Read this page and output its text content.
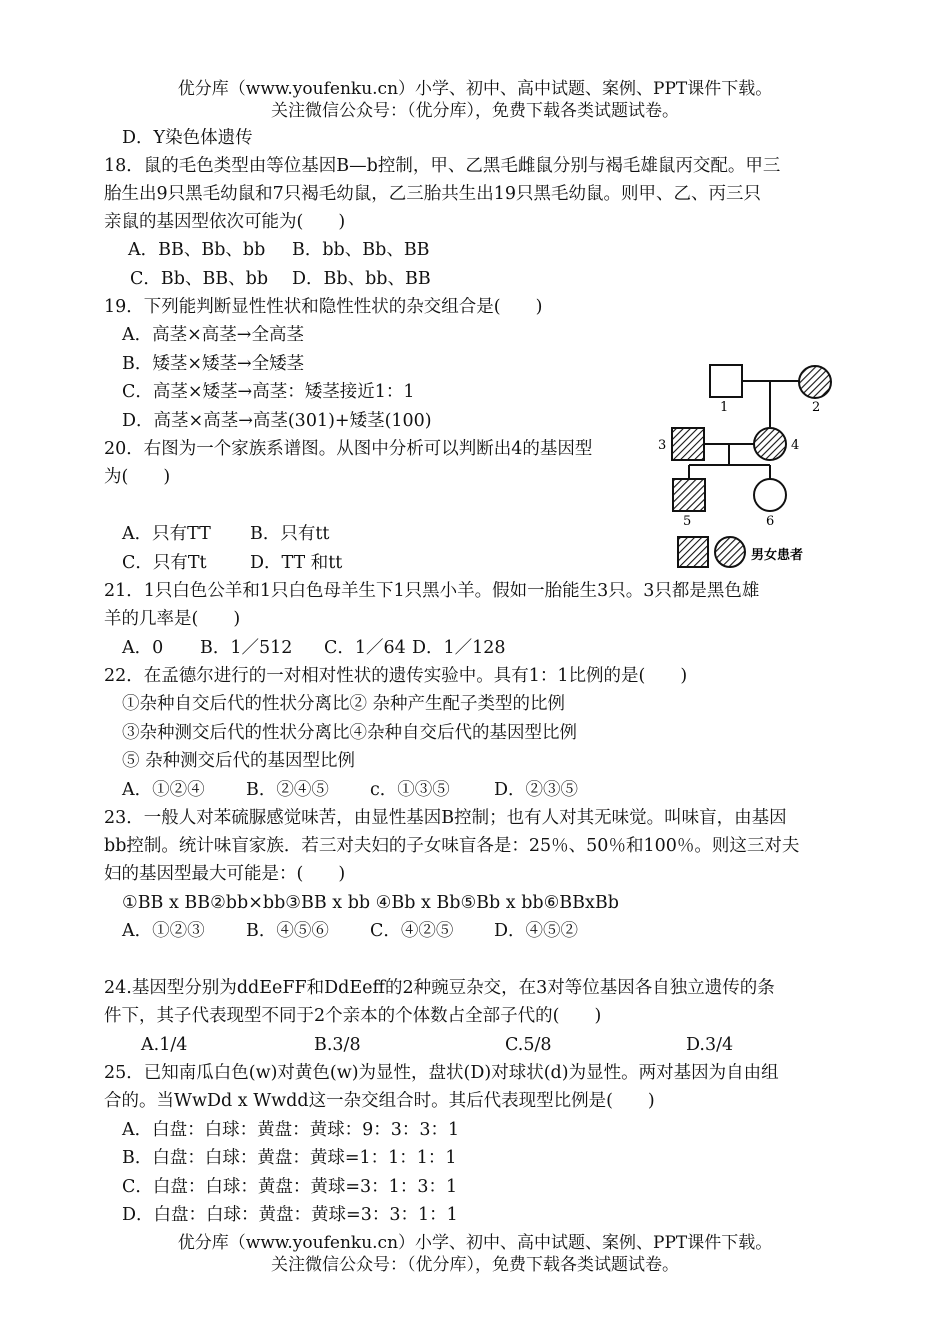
优分库（www.youfenku.cn）小学、初中、高中试题、案例、PPT课件下载。
关注微信公众号：（优分库），免费下载各类试题试卷。
D．Y染色体遗传
18．鼠的毛色类型由等位基因B—b控制，甲、乙黑毛雌鼠分别与褐毛雄鼠丙交配。甲三
胎生出9只黑毛幼鼠和7只褐毛幼鼠，乙三胎共生出19只黑毛幼鼠。则甲、乙、丙三只
亲鼠的基因型依次可能为(　　)
A．BB、Bb、bb B．bb、Bb、BB
C．Bb、BB、bb D．Bb、bb、BB
19．下列能判断显性性状和隐性性状的杂交组合是(　　)
A．高茎×高茎→全高茎
B．矮茎×矮茎→全矮茎
C．高茎×矮茎→高茎：矮茎接近1：1
D．高茎×高茎→高茎(301)+矮茎(100)
20．右图为一个家族系谱图。从图中分析可以判断出4的基因型
为(　　)
A．只有TT B．只有tt
C．只有Tt D．TT 和tt
1	2
3	4
5	6
男女患者
21．1只白色公羊和1只白色母羊生下1只黑小羊。假如一胎能生3只。3只都是黑色雄
羊的几率是(　　)
A．0 B．1／512 C．1／64 D．1／128
22．在孟德尔进行的一对相对性状的遗传实验中。具有1：1比例的是(　　)
①杂种自交后代的性状分离比② 杂种产生配子类型的比例
③杂种测交后代的性状分离比④杂种自交后代的基因型比例
⑤ 杂种测交后代的基因型比例
A．①②④ B．②④⑤ c．①③⑤	D．②③⑤
23．一般人对苯硫脲感觉味苦，由显性基因B控制；也有人对其无味觉。叫味盲，由基因
bb控制。统计味盲家族．若三对夫妇的子女味盲各是：25％、50％和100％。则这三对夫
妇的基因型最大可能是：(　　)
①BB x BB②bb×bb③BB x bb ④Bb x Bb⑤Bb x bb⑥BBxBb
A．①②③ B．④⑤⑥ C．④②⑤ D．④⑤②
24.基因型分别为ddEeFF和DdEeff的2种豌豆杂交，在3对等位基因各自独立遗传的条
件下，其子代表现型不同于2个亲本的个体数占全部子代的(　　)
A.1/4	B.3/8	C.5/8	D.3/4
25．已知南瓜白色(w)对黄色(w)为显性，盘状(D)对球状(d)为显性。两对基因为自由组
合的。当WwDd x Wwdd这一杂交组合时。其后代表现型比例是(　　)
A．白盘：白球：黄盘：黄球：9：3：3：1
B．白盘：白球：黄盘：黄球=1：1：1：1
C．白盘：白球：黄盘：黄球=3：1：3：1
D．白盘：白球：黄盘：黄球=3：3：1：1
优分库（www.youfenku.cn）小学、初中、高中试题、案例、PPT课件下载。
关注微信公众号：（优分库），免费下载各类试题试卷。
